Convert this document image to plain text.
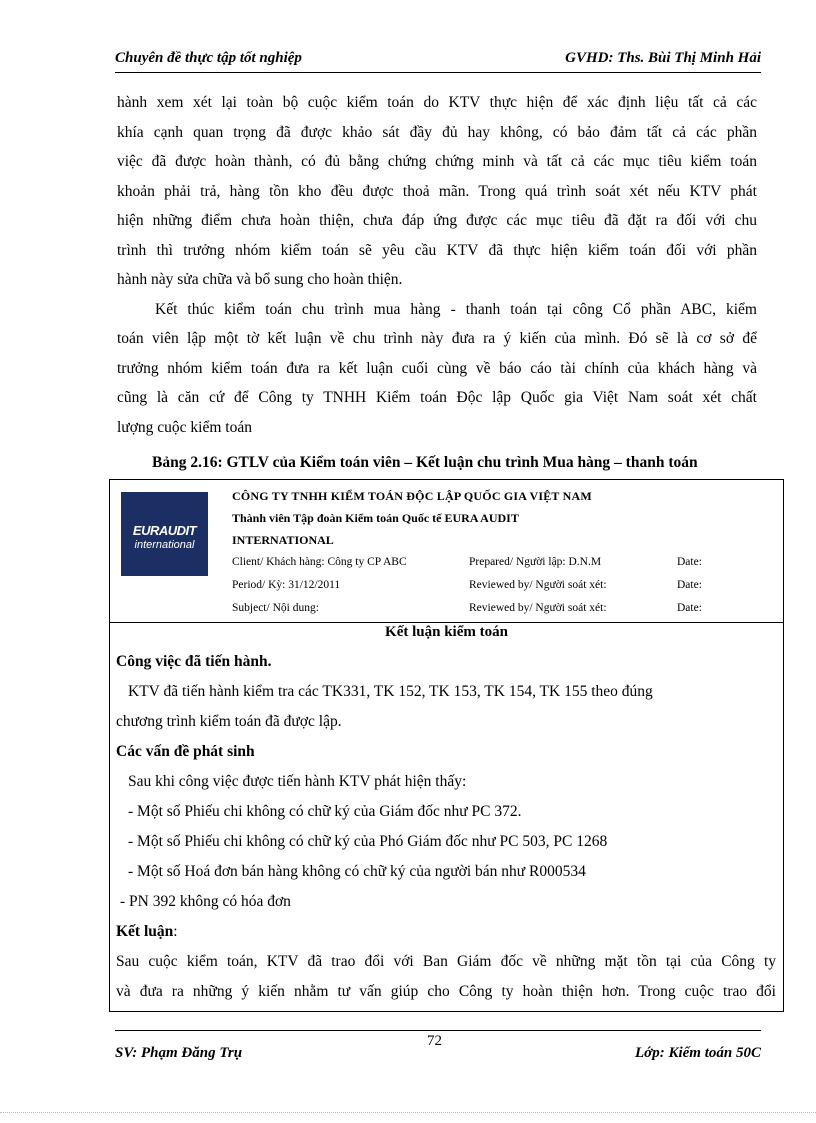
Chuyên đề thực tập tốt nghiệp	GVHD: Ths. Bùi Thị Minh Hải

hành xem xét lại toàn bộ cuộc kiểm toán do KTV thực hiện để xác định liệu tất cả các

khía cạnh quan trọng đã được khảo sát đầy đủ hay không, có bảo đảm tất cả các phần

việc đã được hoàn thành, có đủ bằng chứng chứng minh và tất cả các mục tiêu kiểm toán

khoản phải trả, hàng tồn kho đều được thoả mãn. Trong quá trình soát xét nếu KTV phát

hiện những điểm chưa hoàn thiện, chưa đáp ứng được các mục tiêu đã đặt ra đối với chu

trình thì trưởng nhóm kiểm toán sẽ yêu cầu KTV đã thực hiện kiểm toán đối với phần

hành này sửa chữa và bổ sung cho hoàn thiện.

Kết thúc kiểm toán chu trình mua hàng - thanh toán tại công Cổ phần ABC, kiểm

toán viên lập một tờ kết luận về chu trình này đưa ra ý kiến của mình. Đó sẽ là cơ sở để

trưởng nhóm kiểm toán đưa ra kết luận cuối cùng về báo cáo tài chính của khách hàng và

cũng là căn cứ để Công ty TNHH Kiểm toán Độc lập Quốc gia Việt Nam soát xét chất

lượng cuộc kiểm toán

Bảng 2.16: GTLV của Kiểm toán viên – Kết luận chu trình Mua hàng – thanh toán
EURAUDIT
international
CÔNG TY TNHH KIỂM TOÁN ĐỘC LẬP QUỐC GIA VIỆT NAM
Thành viên Tập đoàn Kiểm toán Quốc tế EURA AUDIT
INTERNATIONAL
Client/ Khách hàng: Công ty CP ABC	Prepared/ Người lập: D.N.M	Date:
Period/ Kỳ: 31/12/2011	Reviewed by/ Người soát xét:	Date:
Subject/ Nội dung:	Reviewed by/ Người soát xét:	Date:
Kết luận kiểm toán
Công việc đã tiến hành.
KTV đã tiến hành kiểm tra các TK331, TK 152, TK 153, TK 154, TK 155 theo đúng
chương trình kiểm toán đã được lập.
Các vấn đề phát sinh
Sau khi công việc được tiến hành KTV phát hiện thấy:
- Một số Phiếu chi không có chữ ký của Giám đốc như PC 372.
- Một số Phiếu chi không có chữ ký của Phó Giám đốc như PC 503, PC 1268
- Một số Hoá đơn bán hàng không có chữ ký của người bán như R000534
- PN 392 không có hóa đơn
Kết luận:
Sau cuộc kiểm toán, KTV đã trao đổi với Ban Giám đốc về những mặt tồn tại của Công ty
và đưa ra những ý kiến nhằm tư vấn giúp cho Công ty hoàn thiện hơn. Trong cuộc trao đổi
SV: Phạm Đăng Trụ
72
Lớp: Kiểm toán 50C
